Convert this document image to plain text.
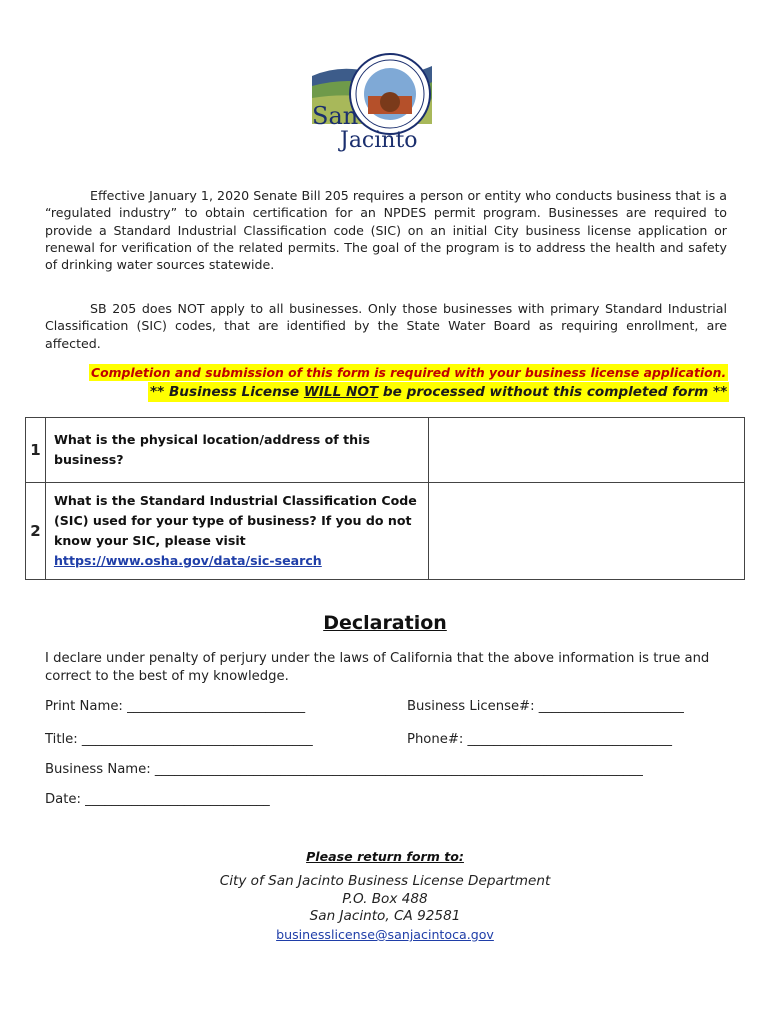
San
Jacinto

Effective January 1, 2020 Senate Bill 205 requires a person or entity who conducts business that is a “regulated industry” to obtain certification for an NPDES permit program. Businesses are required to provide a Standard Industrial Classification code (SIC) on an initial City business license application or renewal for verification of the related permits. The goal of the program is to address the health and safety of drinking water sources statewide.

SB 205 does NOT apply to all businesses. Only those businesses with primary Standard Industrial Classification (SIC) codes, that are identified by the State Water Board as requiring enrollment, are affected.

Completion and submission of this form is required with your business license application.
** Business License WILL NOT be processed without this completed form **
1	What is the physical location/address of this business?	
2	What is the Standard Industrial Classification Code (SIC) used for your type of business? If you do not know your SIC, please visit
https://www.osha.gov/data/sic-search	
Declaration
I declare under penalty of perjury under the laws of California that the above information is true and correct to the best of my knowledge.
Print Name: ___________________________	Business License#: ______________________
Title: ___________________________________	Phone#: _______________________________
Business Name: __________________________________________________________________________
Date: ____________________________
Please return form to:
City of San Jacinto Business License Department
P.O. Box 488
San Jacinto, CA 92581
businesslicense@sanjacintoca.gov
